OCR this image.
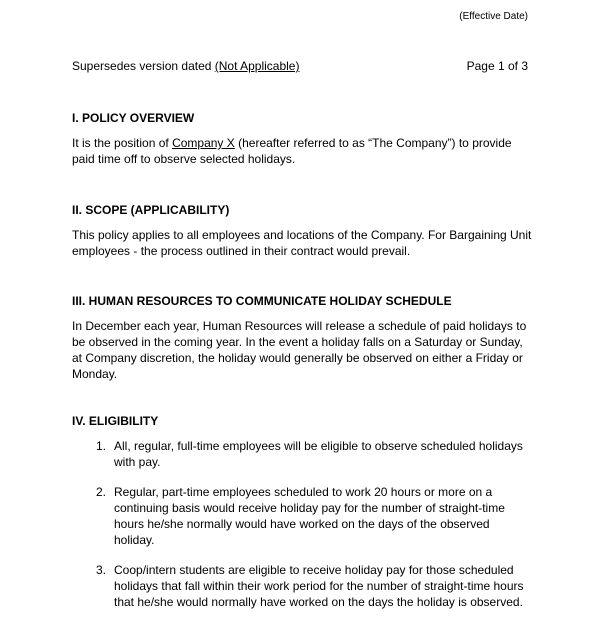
(Effective Date)
Supersedes version dated (Not Applicable)	Page 1 of 3
I. POLICY OVERVIEW

It is the position of Company X (hereafter referred to as “The Company”) to provide paid time off to observe selected holidays.

II. SCOPE (APPLICABILITY)

This policy applies to all employees and locations of the Company. For Bargaining Unit employees - the process outlined in their contract would prevail.

III. HUMAN RESOURCES TO COMMUNICATE HOLIDAY SCHEDULE

In December each year, Human Resources will release a schedule of paid holidays to be observed in the coming year. In the event a holiday falls on a Saturday or Sunday, at Company discretion, the holiday would generally be observed on either a Friday or Monday.

IV. ELIGIBILITY
1. All, regular, full-time employees will be eligible to observe scheduled holidays with pay.
2. Regular, part-time employees scheduled to work 20 hours or more on a continuing basis would receive holiday pay for the number of straight-time hours he/she normally would have worked on the days of the observed holiday.
3. Coop/intern students are eligible to receive holiday pay for those scheduled holidays that fall within their work period for the number of straight-time hours that he/she would normally have worked on the days the holiday is observed.
